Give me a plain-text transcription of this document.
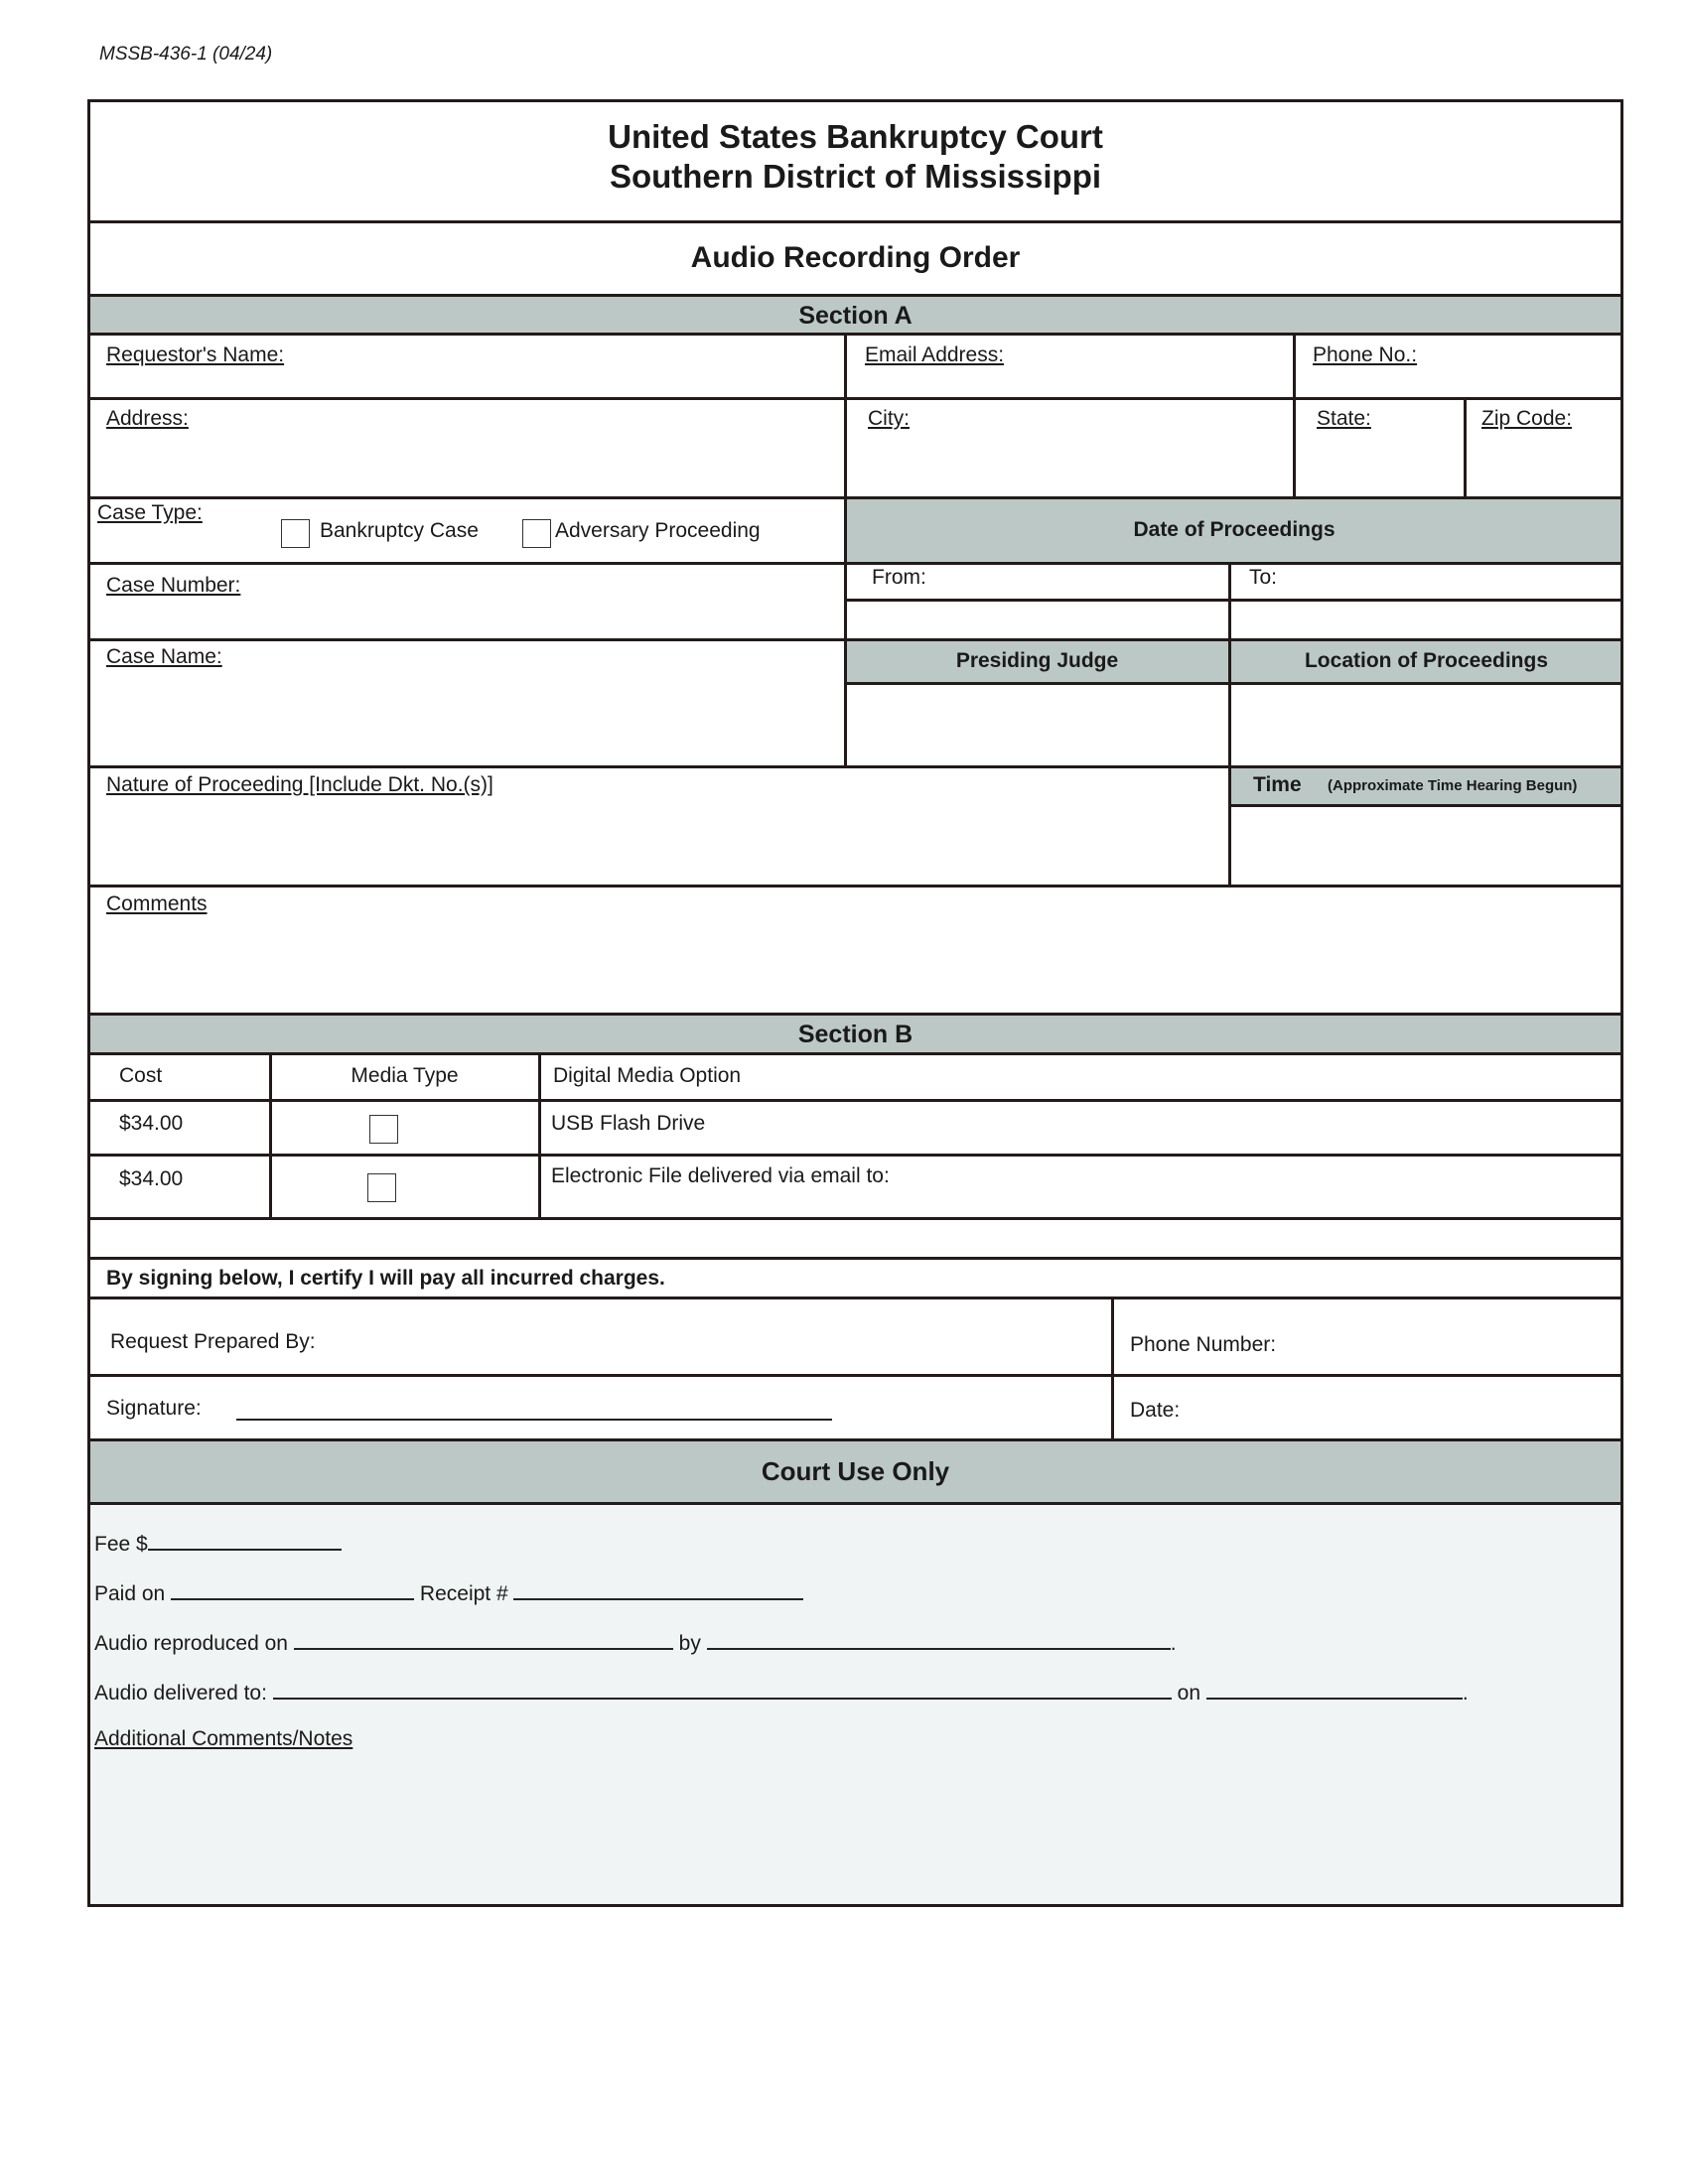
MSSB-436-1 (04/24)
United States Bankruptcy Court
Southern District of Mississippi
Audio Recording Order
Section A
Requestor's Name:	Email Address:	Phone No.:
Address:	City:	State:	Zip Code:
Case Type:
Bankruptcy Case	Adversary Proceeding	Date of Proceedings
Case Number:	From:	To:
Case Name:	Presiding Judge	Location of Proceedings
Nature of Proceeding [Include Dkt. No.(s)]	Time (Approximate Time Hearing Begun)
Comments
Section B
Cost	Media Type	Digital Media Option
$34.00	USB Flash Drive
$34.00	Electronic File delivered via email to:
By signing below, I certify I will pay all incurred charges.
Request Prepared By:	Phone Number:
Signature:	Date:
Court Use Only
Fee $
Paid on	Receipt #
Audio reproduced on	by	.
Audio delivered to:	on	.
Additional Comments/Notes
